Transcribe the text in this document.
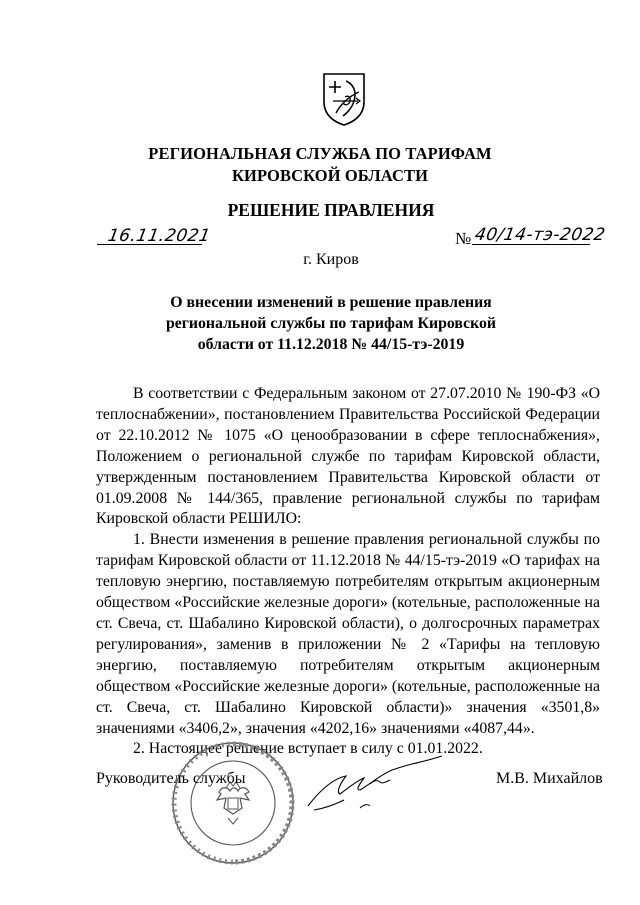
РЕГИОНАЛЬНАЯ СЛУЖБА ПО ТАРИФАМ
КИРОВСКОЙ ОБЛАСТИ
РЕШЕНИЕ ПРАВЛЕНИЯ
16.11.2021	№ 40/14-тэ-2022
г. Киров
О внесении изменений в решение правления
региональной службы по тарифам Кировской
области от 11.12.2018 № 44/15-тэ-2019

В соответствии с Федеральным законом от 27.07.2010 № 190-ФЗ «О теплоснабжении», постановлением Правительства Российской Федерации от 22.10.2012 № 1075 «О ценообразовании в сфере теплоснабжения», Положением о региональной службе по тарифам Кировской области, утвержденным постановлением Правительства Кировской области от 01.09.2008 № 144/365, правление региональной службы по тарифам Кировской области РЕШИЛО:

1. Внести изменения в решение правления региональной службы по тарифам Кировской области от 11.12.2018 № 44/15-тэ-2019 «О тарифах на тепловую энергию, поставляемую потребителям открытым акционерным обществом «Российские железные дороги» (котельные, расположенные на ст. Свеча, ст. Шабалино Кировской области), о долгосрочных параметрах регулирования», заменив в приложении № 2 «Тарифы на тепловую энергию, поставляемую потребителям открытым акционерным обществом «Российские железные дороги» (котельные, расположенные на ст. Свеча, ст. Шабалино Кировской области)» значения «3501,8» значениями «3406,2», значения «4202,16» значениями «4087,44».

2. Настоящее решение вступает в силу с 01.01.2022.

Руководитель службы	М.В. Михайлов
